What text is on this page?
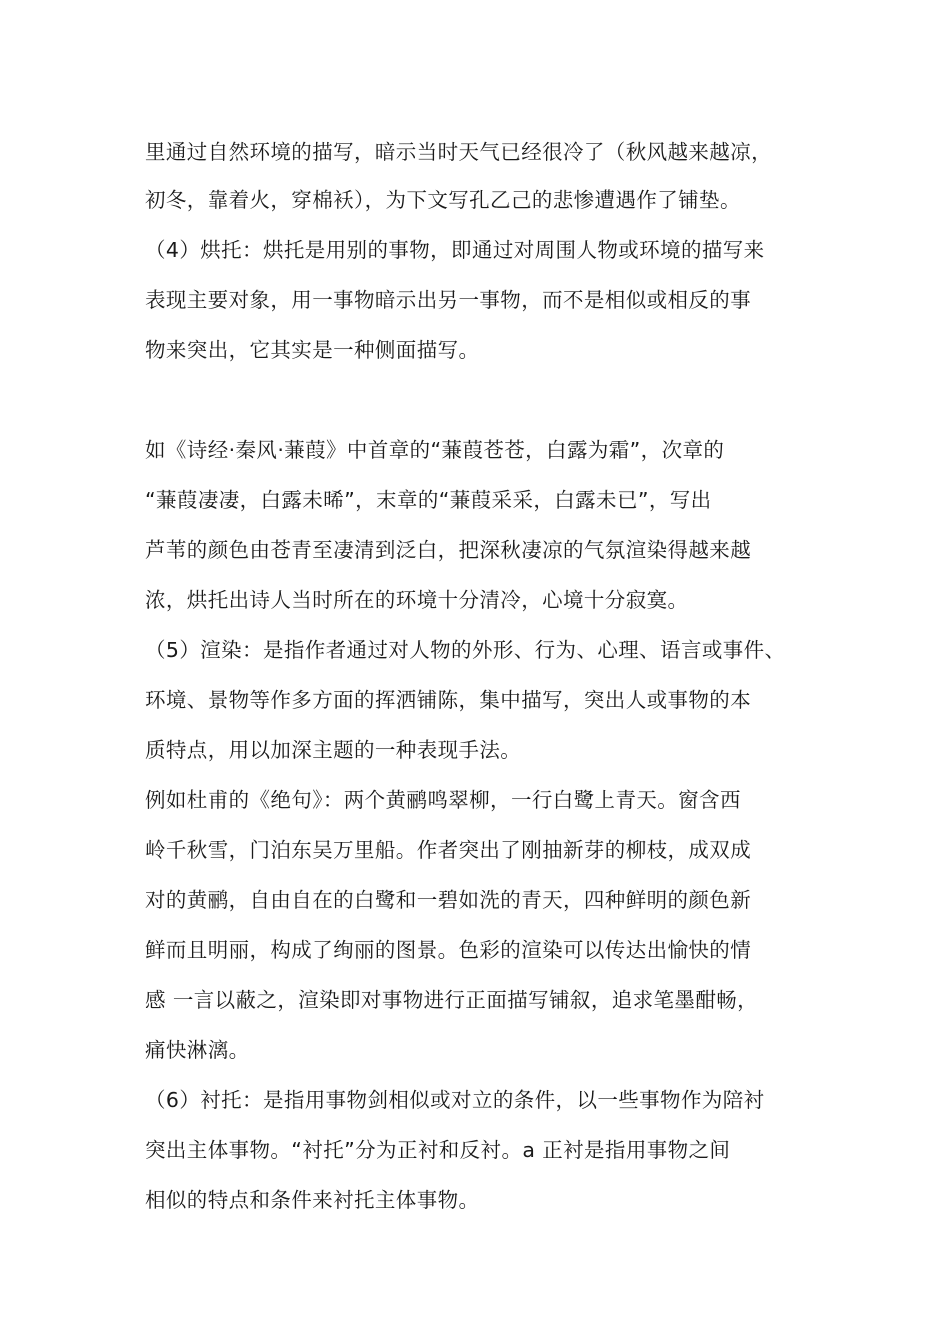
里通过自然环境的描写，暗示当时天气已经很冷了（秋风越来越凉，

初冬，靠着火，穿棉袄），为下文写孔乙己的悲惨遭遇作了铺垫。

（4）烘托：烘托是用别的事物，即通过对周围人物或环境的描写来

表现主要对象，用一事物暗示出另一事物，而不是相似或相反的事

物来突出，它其实是一种侧面描写。

如《诗经·秦风·蒹葭》中首章的“蒹葭苍苍，白露为霜”，次章的

“蒹葭凄凄，白露未晞”，末章的“蒹葭采采，白露未已”，写出

芦苇的颜色由苍青至凄清到泛白，把深秋凄凉的气氛渲染得越来越

浓，烘托出诗人当时所在的环境十分清冷，心境十分寂寞。

（5）渲染：是指作者通过对人物的外形、行为、心理、语言或事件、

环境、景物等作多方面的挥洒铺陈，集中描写，突出人或事物的本

质特点，用以加深主题的一种表现手法。

例如杜甫的《绝句》：两个黄鹂鸣翠柳，一行白鹭上青天。窗含西

岭千秋雪，门泊东吴万里船。作者突出了刚抽新芽的柳枝，成双成

对的黄鹂，自由自在的白鹭和一碧如洗的青天，四种鲜明的颜色新

鲜而且明丽，构成了绚丽的图景。色彩的渲染可以传达出愉快的情

感 一言以蔽之，渲染即对事物进行正面描写铺叙，追求笔墨酣畅，

痛快淋漓。

（6）衬托：是指用事物剑相似或对立的条件，以一些事物作为陪衬

突出主体事物。“衬托”分为正衬和反衬。a 正衬是指用事物之间

相似的特点和条件来衬托主体事物。
